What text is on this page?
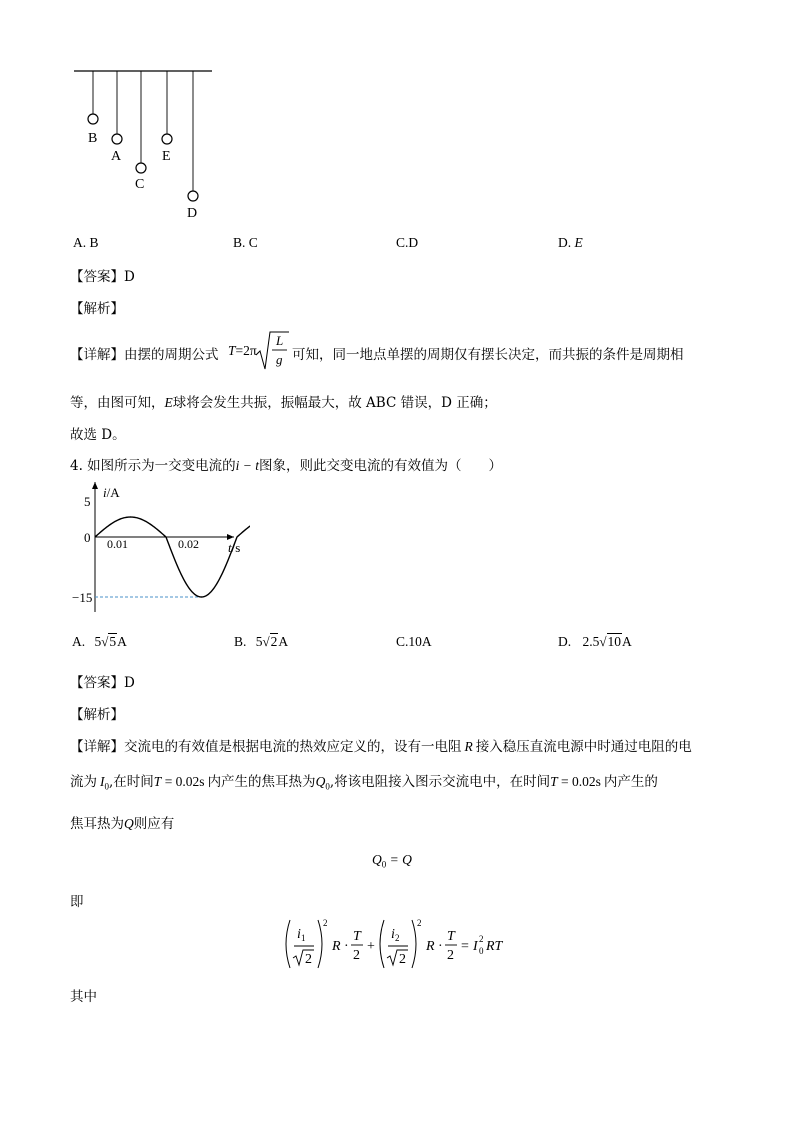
B
A
C
E
D
A. B	B. C	C.D	D. E
【答案】D
【解析】
【详解】由摆的周期公式 T=2π
L
g 可知，同一地点单摆的周期仅有摆长决定，而共振的条件是周期相
等，由图可知，E球将会发生共振，振幅最大，故 ABC 错误，D 正确；
故选 D。
4. 如图所示为一交变电流的i − t图象，则此交变电流的有效值为（　　）
i/A
t/s
5
0
−15
0.01	0.02
A. 5√5A	B. 5√2A	C.10A	D. 2.5√10A
【答案】D
【解析】
【详解】交流电的有效值是根据电流的热效应定义的，设有一电阻 R 接入稳压直流电源中时通过电阻的电
流为 $I_0$,在时间T = 0.02s 内产生的焦耳热为$Q_0$,将该电阻接入图示交流电中，在时间T = 0.02s 内产生的
焦耳热为Q则应有
$Q_0 = Q$
即
i 1
2
2
R ·
T
2
+
i 2
2
2
R ·
T
2
= I 2
0 RT
其中
